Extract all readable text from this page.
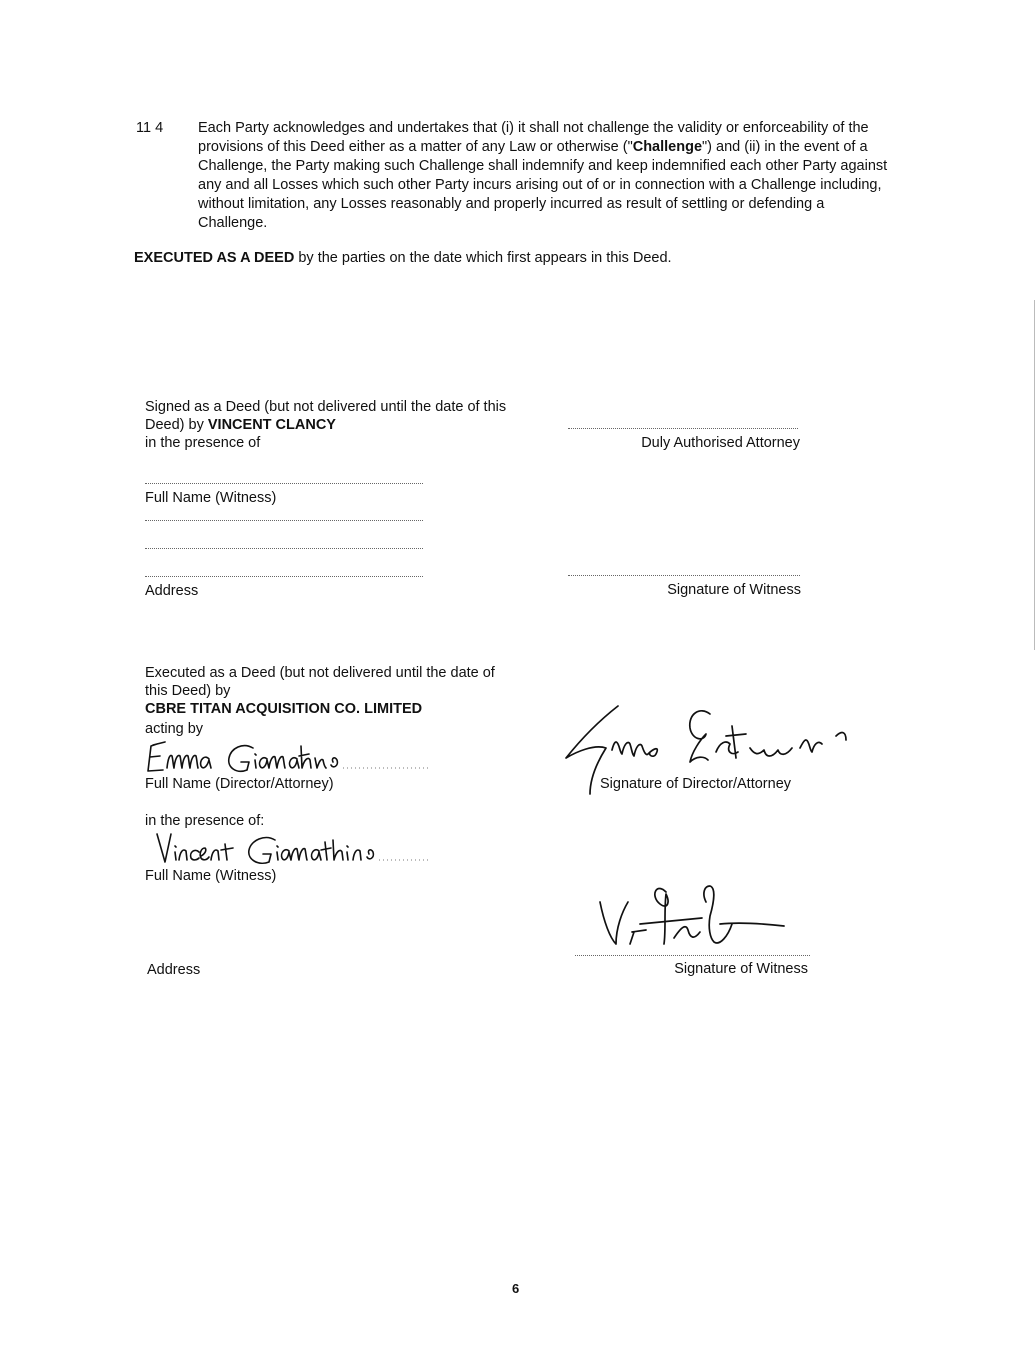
11 4 Each Party acknowledges and undertakes that (i) it shall not challenge the validity or enforceability of the provisions of this Deed either as a matter of any Law or otherwise ("Challenge") and (ii) in the event of a Challenge, the Party making such Challenge shall indemnify and keep indemnified each other Party against any and all Losses which such other Party incurs arising out of or in connection with a Challenge including, without limitation, any Losses reasonably and properly incurred as result of settling or defending a Challenge.
EXECUTED AS A DEED by the parties on the date which first appears in this Deed.
Signed as a Deed (but not delivered until the date of this
Deed) by VINCENT CLANCY
in the presence of	Duly Authorised Attorney
Full Name (Witness)
Address	Signature of Witness
Executed as a Deed (but not delivered until the date of
this Deed) by
CBRE TITAN ACQUISITION CO. LIMITED
acting by
Full Name (Director/Attorney)	Signature of Director/Attorney
in the presence of:
Full Name (Witness)
Signature of Witness
Address
6
